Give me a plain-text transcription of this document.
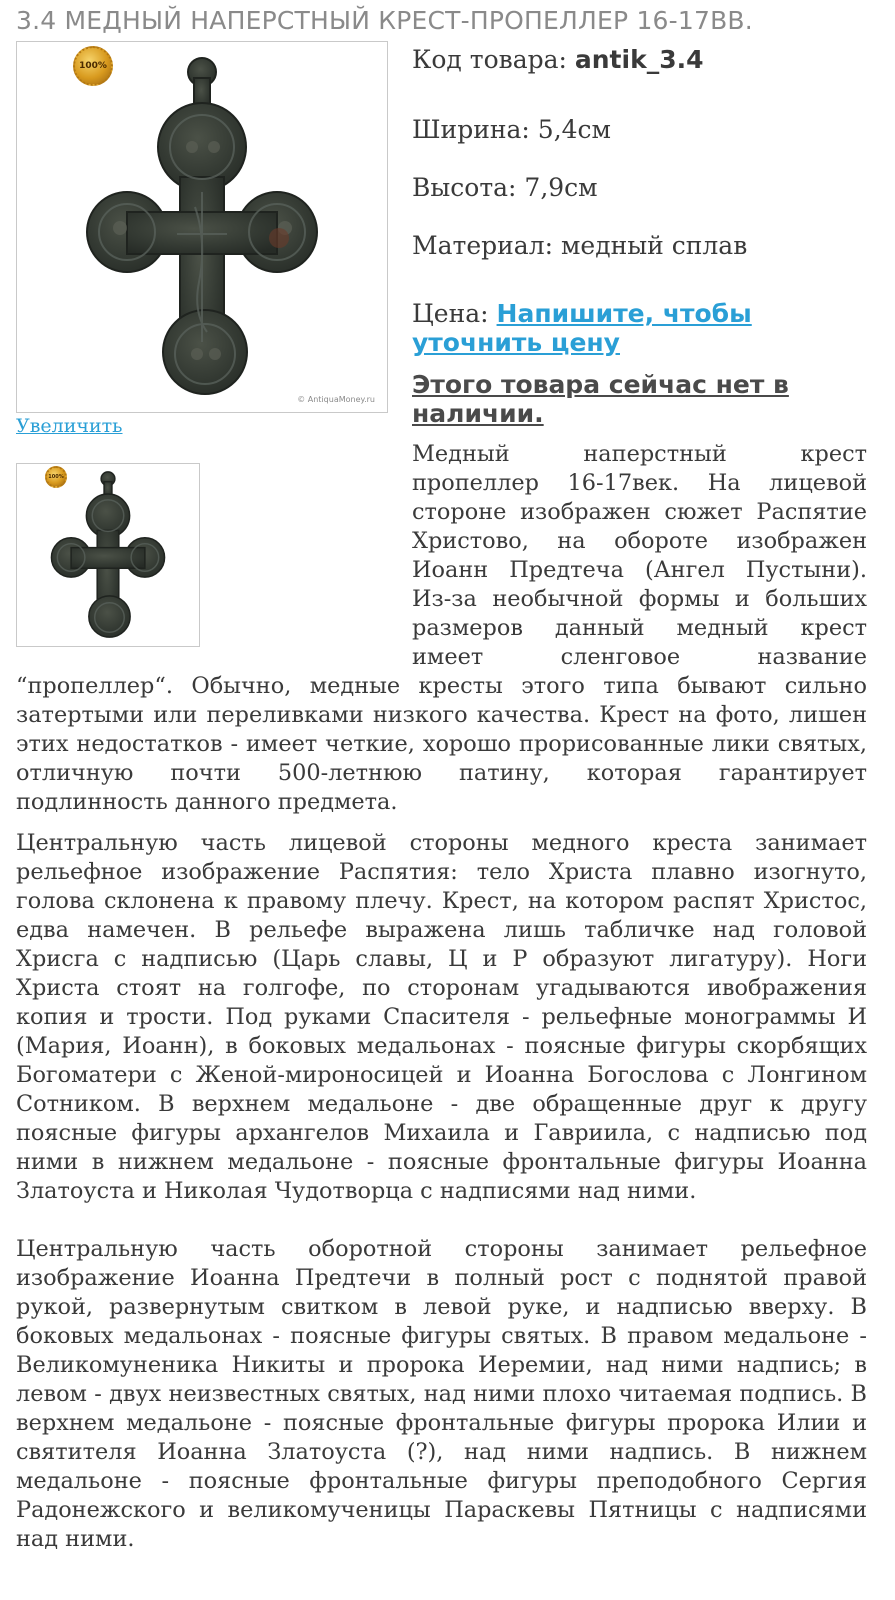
3.4 МЕДНЫЙ НАПЕРСТНЫЙ КРЕСТ-ПРОПЕЛЛЕР 16-17ВВ.
100%
© AntiquaMoney.ru
Увеличить
100%

Код товара: antik_3.4

Ширина: 5,4см

Высота: 7,9см

Материал: медный сплав

Цена: Напишите, чтобы уточнить цену

Этого товара сейчас нет в наличии.

Медный наперстный крест пропеллер 16-17век. На лицевой стороне изображен сюжет Распятие Христово, на обороте изображен Иоанн Предтеча (Ангел Пустыни). Из-за необычной формы и больших размеров данный медный крест имеет сленговое название “пропеллер“. Обычно, медные кресты этого типа бывают сильно затертыми или переливками низкого качества. Крест на фото, лишен этих недостатков - имеет четкие, хорошо прорисованные лики святых, отличную почти 500-летнюю патину, которая гарантирует подлинность данного предмета.

Центральную часть лицевой стороны медного креста занимает рельефное изображение Распятия: тело Христа плавно изогнуто, голова склонена к правому плечу. Крест, на котором распят Христос, едва намечен. В рельефе выражена лишь табличке над головой Хрисга с надписью (Царь славы, Ц и Р образуют лигатуру). Ноги Христа стоят на голгофе, по сторонам угадываются ивображения копия и трости. Под руками Спасителя - рельефные монограммы И (Мария, Иоанн), в боковых медальонах - поясные фигуры скорбящих Богоматери с Женой-мироносицей и Иоанна Богослова с Лонгином Сотником. В верхнем медальоне - две обращенные друг к другу поясные фигуры архангелов Михаила и Гавриила, с надписью под ними в нижнем медальоне - поясные фронтальные фигуры Иоанна Златоуста и Николая Чудотворца с надписями над ними.

Центральную часть оборотной стороны занимает рельефное изображение Иоанна Предтечи в полный рост с поднятой правой рукой, развернутым свитком в левой руке, и надписью вверху. В боковых медальонах - поясные фигуры святых. В правом медальоне - Великомуненика Никиты и пророка Иеремии, над ними надпись; в левом - двух неизвестных святых, над ними плохо читаемая подпись. В верхнем медальоне - поясные фронтальные фигуры пророка Илии и святителя Иоанна Златоуста (?), над ними надпись. В нижнем медальоне - поясные фронтальные фигуры преподобного Сергия Радонежского и великомученицы Параскевы Пятницы с надписями над ними.
